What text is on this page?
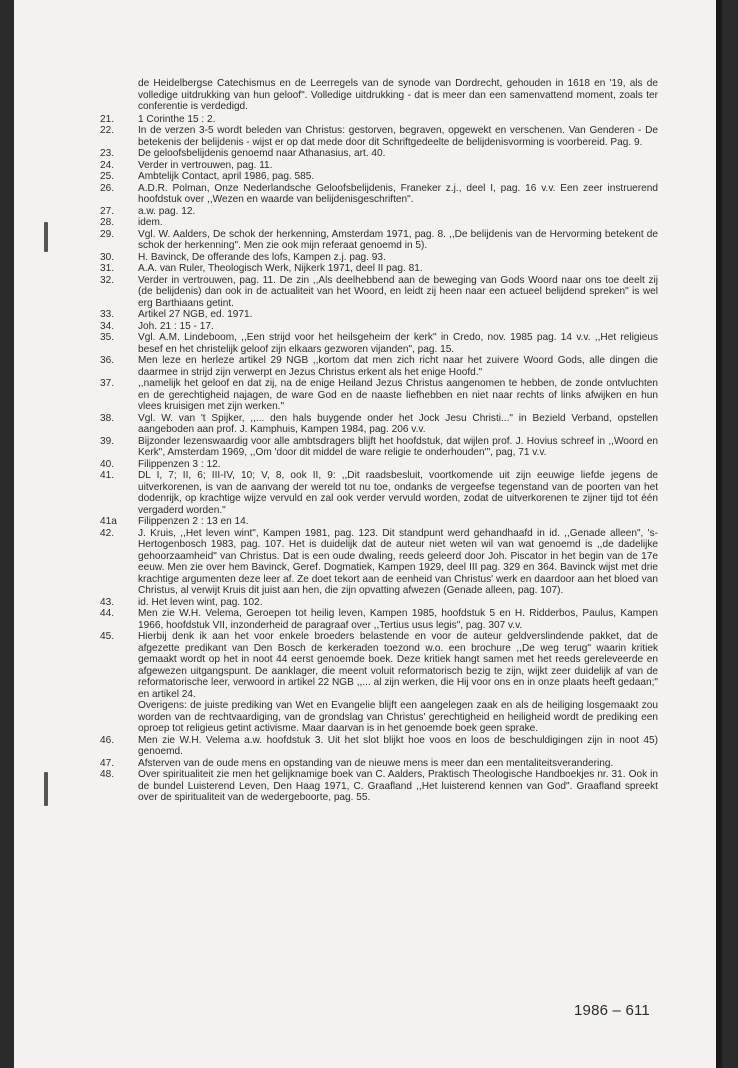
de Heidelbergse Catechismus en de Leerregels van de synode van Dordrecht, gehouden in 1618 en '19, als de volledige uitdrukking van hun geloof". Volledige uitdrukking - dat is meer dan een samenvattend moment, zoals ter conferentie is verdedigd.
21.	1 Corinthe 15 : 2.
22.	In de verzen 3-5 wordt beleden van Christus: gestorven, begraven, opgewekt en verschenen. Van Genderen - De betekenis der belijdenis - wijst er op dat mede door dit Schriftgedeelte de belijdenisvorming is voorbereid. Pag. 9.
23.	De geloofsbelijdenis genoemd naar Athanasius, art. 40.
24.	Verder in vertrouwen, pag. 11.
25.	Ambtelijk Contact, april 1986, pag. 585.
26.	A.D.R. Polman, Onze Nederlandsche Geloofsbelijdenis, Franeker z.j., deel I, pag. 16 v.v. Een zeer instruerend hoofdstuk over ,,Wezen en waarde van belijdenisgeschriften".
27.	a.w. pag. 12.
28.	idem.
29.	Vgl. W. Aalders, De schok der herkenning, Amsterdam 1971, pag. 8. ,,De belijdenis van de Hervorming betekent de schok der herkenning". Men zie ook mijn referaat genoemd in 5).
30.	H. Bavinck, De offerande des lofs, Kampen z.j. pag. 93.
31.	A.A. van Ruler, Theologisch Werk, Nijkerk 1971, deel II pag. 81.
32.	Verder in vertrouwen, pag. 11. De zin ,,Als deelhebbend aan de beweging van Gods Woord naar ons toe deelt zij (de belijdenis) dan ook in de actualiteit van het Woord, en leidt zij heen naar een actueel belijdend spreken" is wel erg Barthiaans getint.
33.	Artikel 27 NGB, ed. 1971.
34.	Joh. 21 : 15 - 17.
35.	Vgl. A.M. Lindeboom, ,,Een strijd voor het heilsgeheim der kerk" in Credo, nov. 1985 pag. 14 v.v. ,,Het religieus besef en het christelijk geloof zijn elkaars gezworen vijanden", pag. 15.
36.	Men leze en herleze artikel 29 NGB ,,kortom dat men zich richt naar het zuivere Woord Gods, alle dingen die daarmee in strijd zijn verwerpt en Jezus Christus erkent als het enige Hoofd."
37.	,,namelijk het geloof en dat zij, na de enige Heiland Jezus Christus aangenomen te hebben, de zonde ontvluchten en de gerechtigheid najagen, de ware God en de naaste liefhebben en niet naar rechts of links afwijken en hun vlees kruisigen met zijn werken."
38.	Vgl. W. van 't Spijker, ,,... den hals buygende onder het Jock Jesu Christi..." in Bezield Verband, opstellen aangeboden aan prof. J. Kamphuis, Kampen 1984, pag. 206 v.v.
39.	Bijzonder lezenswaardig voor alle ambtsdragers blijft het hoofdstuk, dat wijlen prof. J. Hovius schreef in ,,Woord en Kerk", Amsterdam 1969, ,,Om 'door dit middel de ware religie te onderhouden'", pag, 71 v.v.
40.	Filippenzen 3 : 12.
41.	DL I, 7; II, 6; III-IV, 10; V, 8, ook II, 9: ,,Dit raadsbesluit, voortkomende uit zijn eeuwige liefde jegens de uitverkorenen, is van de aanvang der wereld tot nu toe, ondanks de vergeefse tegenstand van de poorten van het dodenrijk, op krachtige wijze vervuld en zal ook verder vervuld worden, zodat de uitverkorenen te zijner tijd tot één vergaderd worden."
41a	Filippenzen 2 : 13 en 14.
42.	J. Kruis, ,,Het leven wint", Kampen 1981, pag. 123. Dit standpunt werd gehandhaafd in id. ,,Genade alleen", 's-Hertogenbosch 1983, pag. 107. Het is duidelijk dat de auteur niet weten wil van wat genoemd is ,,de dadelijke gehoorzaamheid" van Christus. Dat is een oude dwaling, reeds geleerd door Joh. Piscator in het begin van de 17e eeuw. Men zie over hem Bavinck, Geref. Dogmatiek, Kampen 1929, deel III pag. 329 en 364. Bavinck wijst met drie krachtige argumenten deze leer af. Ze doet tekort aan de eenheid van Christus' werk en daardoor aan het bloed van Christus, al verwijt Kruis dit juist aan hen, die zijn opvatting afwezen (Genade alleen, pag. 107).
43.	id. Het leven wint, pag. 102.
44.	Men zie W.H. Velema, Geroepen tot heilig leven, Kampen 1985, hoofdstuk 5 en H. Ridderbos, Paulus, Kampen 1966, hoofdstuk VII, inzonderheid de paragraaf over ,,Tertius usus legis", pag. 307 v.v.
45.	Hierbij denk ik aan het voor enkele broeders belastende en voor de auteur geldverslindende pakket, dat de afgezette predikant van Den Bosch de kerkeraden toezond w.o. een brochure ,,De weg terug" waarin kritiek gemaakt wordt op het in noot 44 eerst genoemde boek. Deze kritiek hangt samen met het reeds gereleveerde en afgewezen uitgangspunt. De aanklager, die meent voluit reformatorisch bezig te zijn, wijkt zeer duidelijk af van de reformatorische leer, verwoord in artikel 22 NGB ,,... al zijn werken, die Hij voor ons en in onze plaats heeft gedaan;" en artikel 24.
Overigens: de juiste prediking van Wet en Evangelie blijft een aangelegen zaak en als de heiliging losgemaakt zou worden van de rechtvaardiging, van de grondslag van Christus' gerechtigheid en heiligheid wordt de prediking een oproep tot religieus getint activisme. Maar daarvan is in het genoemde boek geen sprake.
46.	Men zie W.H. Velema a.w. hoofdstuk 3. Uit het slot blijkt hoe voos en loos de beschuldigingen zijn in noot 45) genoemd.
47.	Afsterven van de oude mens en opstanding van de nieuwe mens is meer dan een mentaliteitsverandering.
48.	Over spiritualiteit zie men het gelijknamige boek van C. Aalders, Praktisch Theologische Handboekjes nr. 31. Ook in de bundel Luisterend Leven, Den Haag 1971, C. Graafland ,,Het luisterend kennen van God". Graafland spreekt over de spiritualiteit van de wedergeboorte, pag. 55.
1986 – 611
